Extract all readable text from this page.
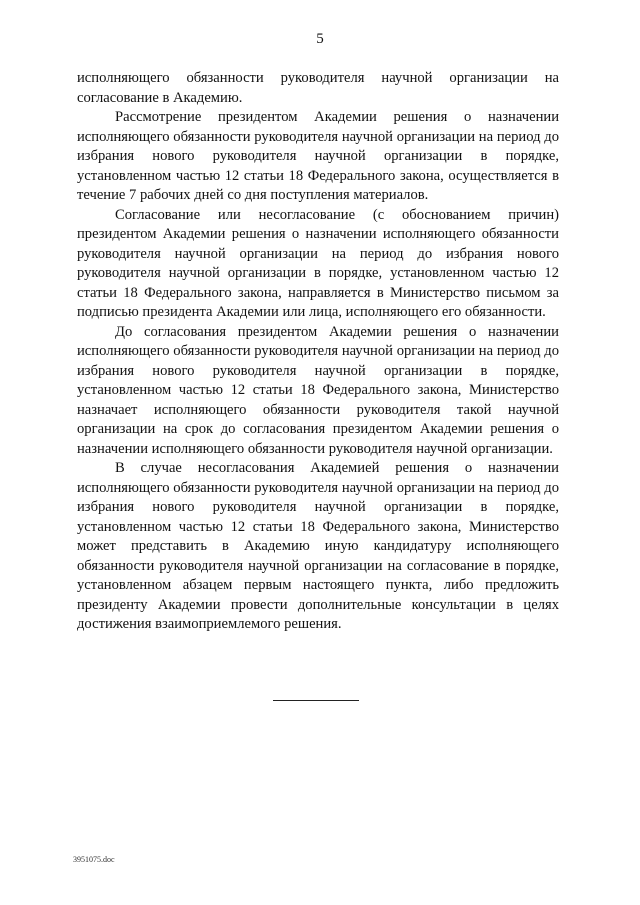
5

исполняющего обязанности руководителя научной организации на согласование в Академию.

Рассмотрение президентом Академии решения о назначении исполняющего обязанности руководителя научной организации на период до избрания нового руководителя научной организации в порядке, установленном частью 12 статьи 18 Федерального закона, осуществляется в течение 7 рабочих дней со дня поступления материалов.

Согласование или несогласование (с обоснованием причин) президентом Академии решения о назначении исполняющего обязанности руководителя научной организации на период до избрания нового руководителя научной организации в порядке, установленном частью 12 статьи 18 Федерального закона, направляется в Министерство письмом за подписью президента Академии или лица, исполняющего его обязанности.

До согласования президентом Академии решения о назначении исполняющего обязанности руководителя научной организации на период до избрания нового руководителя научной организации в порядке, установленном частью 12 статьи 18 Федерального закона, Министерство назначает исполняющего обязанности руководителя такой научной организации на срок до согласования президентом Академии решения о назначении исполняющего обязанности руководителя научной организации.

В случае несогласования Академией решения о назначении исполняющего обязанности руководителя научной организации на период до избрания нового руководителя научной организации в порядке, установленном частью 12 статьи 18 Федерального закона, Министерство может представить в Академию иную кандидатуру исполняющего обязанности руководителя научной организации на согласование в порядке, установленном абзацем первым настоящего пункта, либо предложить президенту Академии провести дополнительные консультации в целях достижения взаимоприемлемого решения.

3951075.doc
